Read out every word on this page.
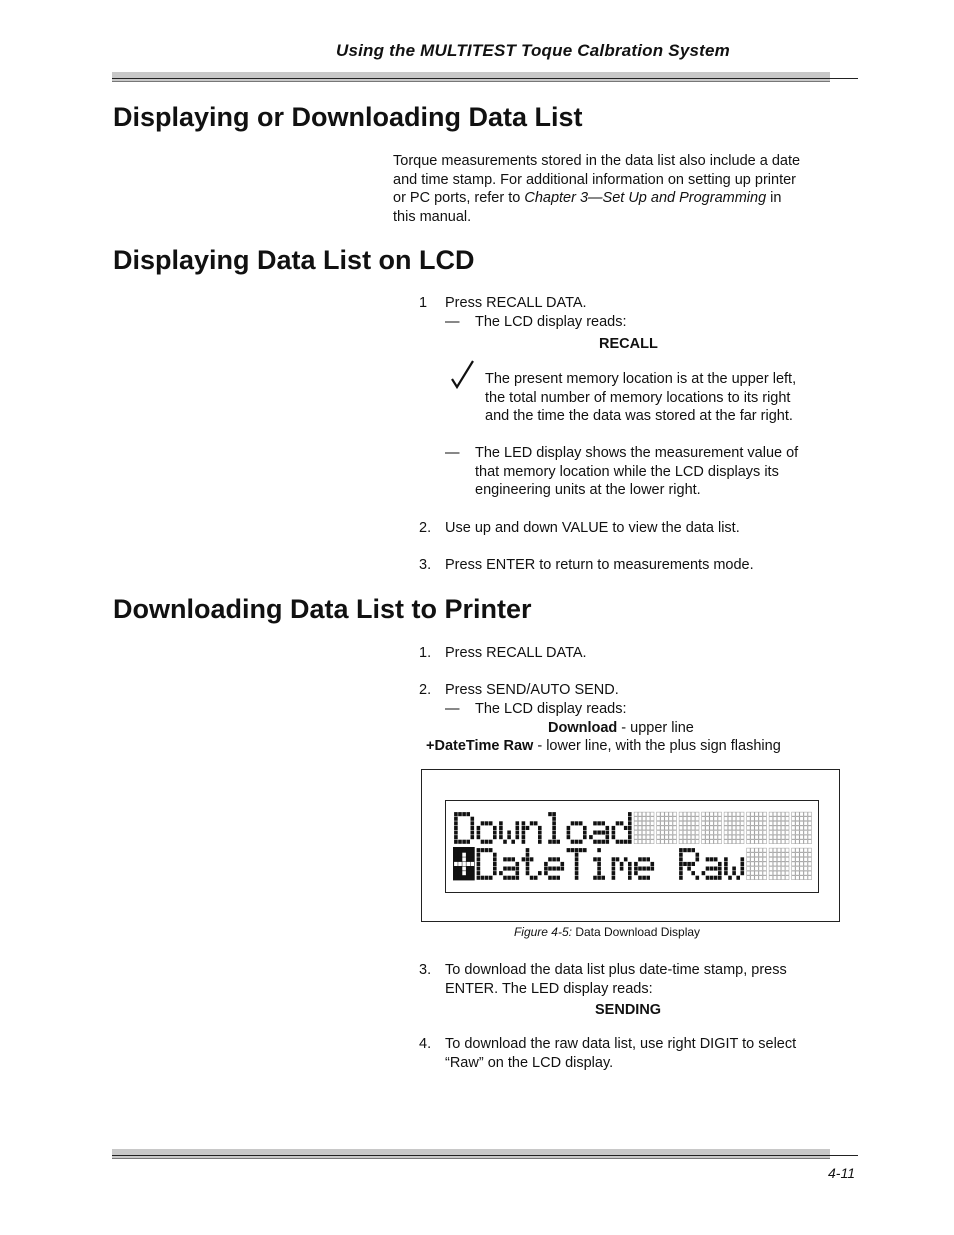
Using the MULTITEST Toque Calbration System
Displaying or Downloading Data List
Torque measurements stored in the data list also include a date
and time stamp. For additional information on setting up printer
or PC ports, refer to Chapter 3—Set Up and Programming in
this manual.
Displaying Data List on LCD
1 Press RECALL DATA.
— The LCD display reads:
RECALL
The present memory location is at the upper left,
the total number of memory locations to its right
and the time the data was stored at the far right.
— The LED display shows the measurement value of
that memory location while the LCD displays its
engineering units at the lower right.
2. Use up and down VALUE to view the data list.
3. Press ENTER to return to measurements mode.
Downloading Data List to Printer
1. Press RECALL DATA.
2. Press SEND/AUTO SEND.
— The LCD display reads:
Download - upper line
+DateTime Raw - lower line, with the plus sign flashing
Figure 4-5: Data Download Display
3. To download the data list plus date-time stamp, press
ENTER. The LED display reads:
SENDING
4. To download the raw data list, use right DIGIT to select
“Raw” on the LCD display.
4-11
